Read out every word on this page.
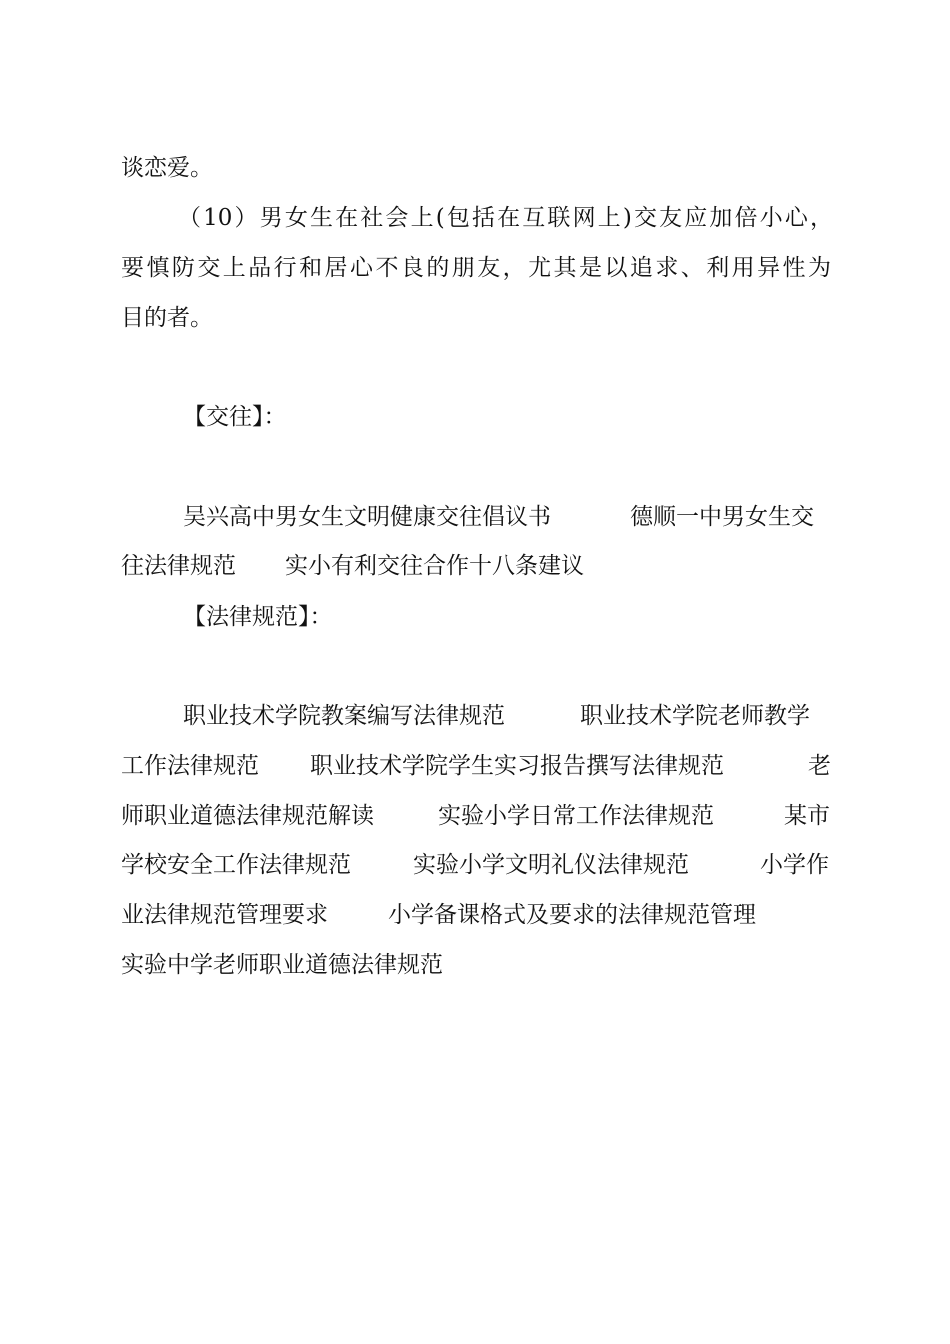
谈恋爱。
（10）男女生在社会上(包括在互联网上)交友应加倍小心，
要慎防交上品行和居心不良的朋友，尤其是以追求、利用异性为
目的者。
【交往】：
吴兴高中男女生文明健康交往倡议书	德顺一中男女生交
往法律规范 实小有利交往合作十八条建议
【法律规范】：
职业技术学院教案编写法律规范	职业技术学院老师教学
工作法律规范 职业技术学院学生实习报告撰写法律规范	老
师职业道德法律规范解读	实验小学日常工作法律规范	某市
学校安全工作法律规范	实验小学文明礼仪法律规范	小学作
业法律规范管理要求	小学备课格式及要求的法律规范管理
实验中学老师职业道德法律规范
